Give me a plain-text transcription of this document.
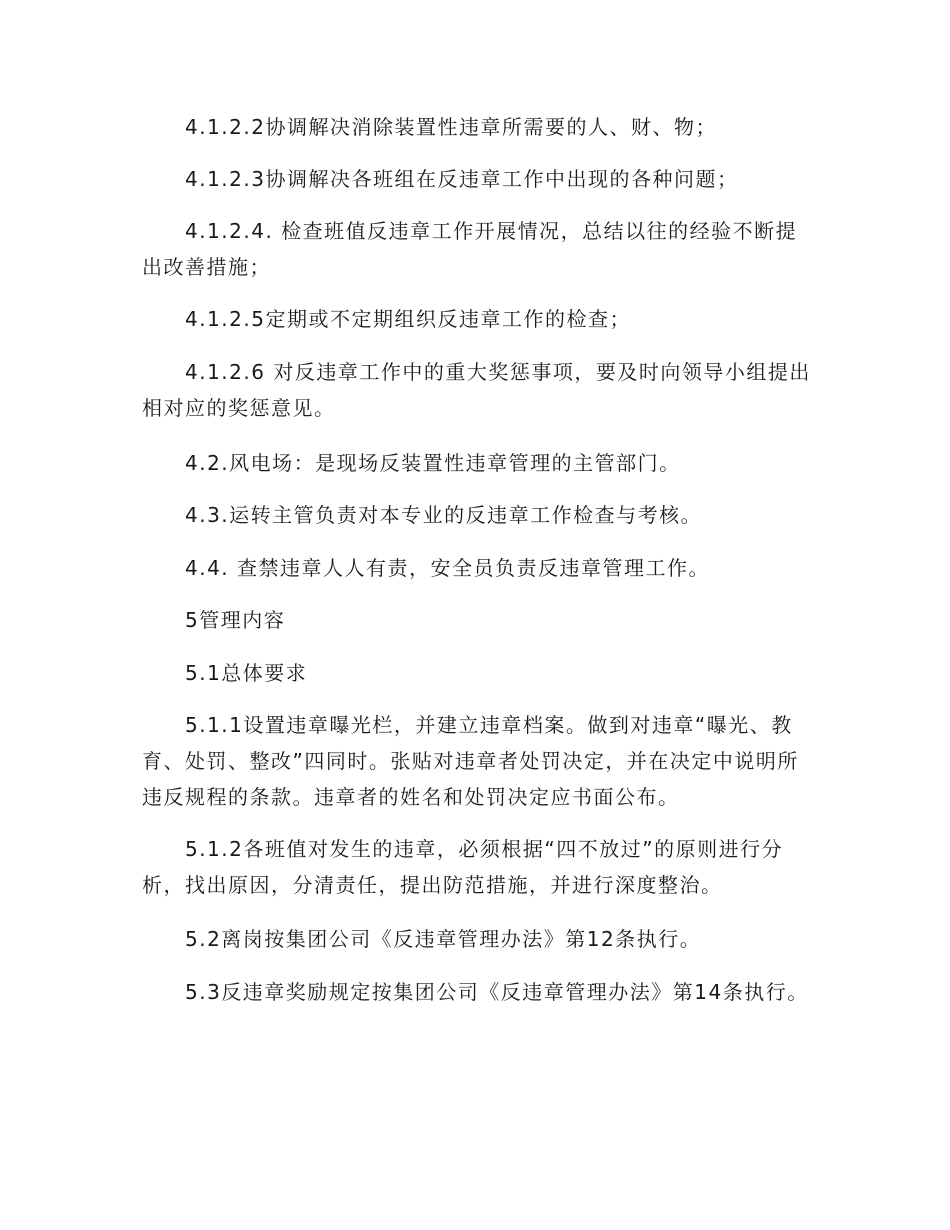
4.1.2.2协调解决消除装置性违章所需要的人、财、物；

4.1.2.3协调解决各班组在反违章工作中出现的各种问题；

4.1.2.4. 检查班值反违章工作开展情况，总结以往的经验不断提出改善措施；

4.1.2.5定期或不定期组织反违章工作的检查；

4.1.2.6 对反违章工作中的重大奖惩事项，要及时向领导小组提出相对应的奖惩意见。

4.2.风电场：是现场反装置性违章管理的主管部门。

4.3.运转主管负责对本专业的反违章工作检查与考核。

4.4. 查禁违章人人有责，安全员负责反违章管理工作。

5管理内容

5.1总体要求

5.1.1设置违章曝光栏，并建立违章档案。做到对违章“曝光、教育、处罚、整改”四同时。张贴对违章者处罚决定，并在决定中说明所违反规程的条款。违章者的姓名和处罚决定应书面公布。

5.1.2各班值对发生的违章，必须根据“四不放过”的原则进行分析，找出原因，分清责任，提出防范措施，并进行深度整治。

5.2离岗按集团公司《反违章管理办法》第12条执行。

5.3反违章奖励规定按集团公司《反违章管理办法》第14条执行。
